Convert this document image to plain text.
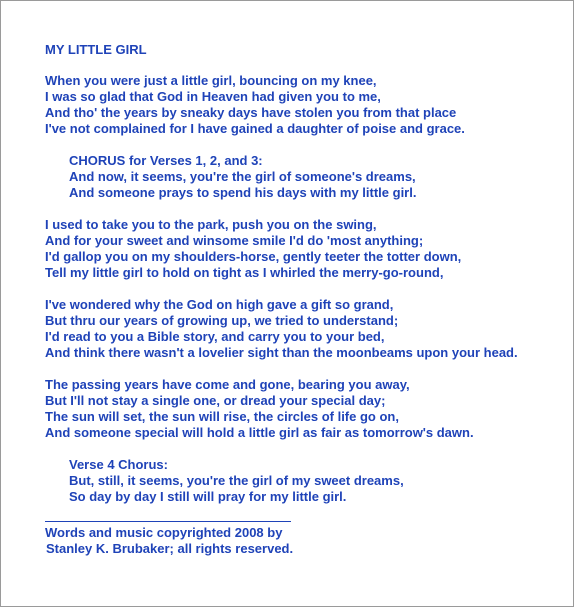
MY LITTLE GIRL
When you were just a little girl, bouncing on my knee,
I was so glad that God in Heaven had given you to me,
And tho' the years by sneaky days have stolen you from that place
I've not complained for I have gained a daughter of poise and grace.
CHORUS for Verses 1, 2, and 3:
And now, it seems, you're the girl of someone's dreams,
And someone prays to spend his days with my little girl.
I used to take you to the park, push you on the swing,
And for your sweet and winsome smile I'd do 'most anything;
I'd gallop you on my shoulders-horse, gently teeter the totter down,
Tell my little girl to hold on tight as I whirled the merry-go-round,
I've wondered why the God on high gave a gift so grand,
But thru our years of growing up, we tried to understand;
I'd read to you a Bible story, and carry you to your bed,
And think there wasn't a lovelier sight than the moonbeams upon your head.
The passing years have come and gone, bearing you away,
But I'll not stay a single one, or dread your special day;
The sun will set, the sun will rise, the circles of life go on,
And someone special will hold a little girl as fair as tomorrow's dawn.
Verse 4 Chorus:
But, still, it seems, you're the girl of my sweet dreams,
So day by day I still will pray for my little girl.
Words and music copyrighted 2008 by
Stanley K. Brubaker; all rights reserved.
